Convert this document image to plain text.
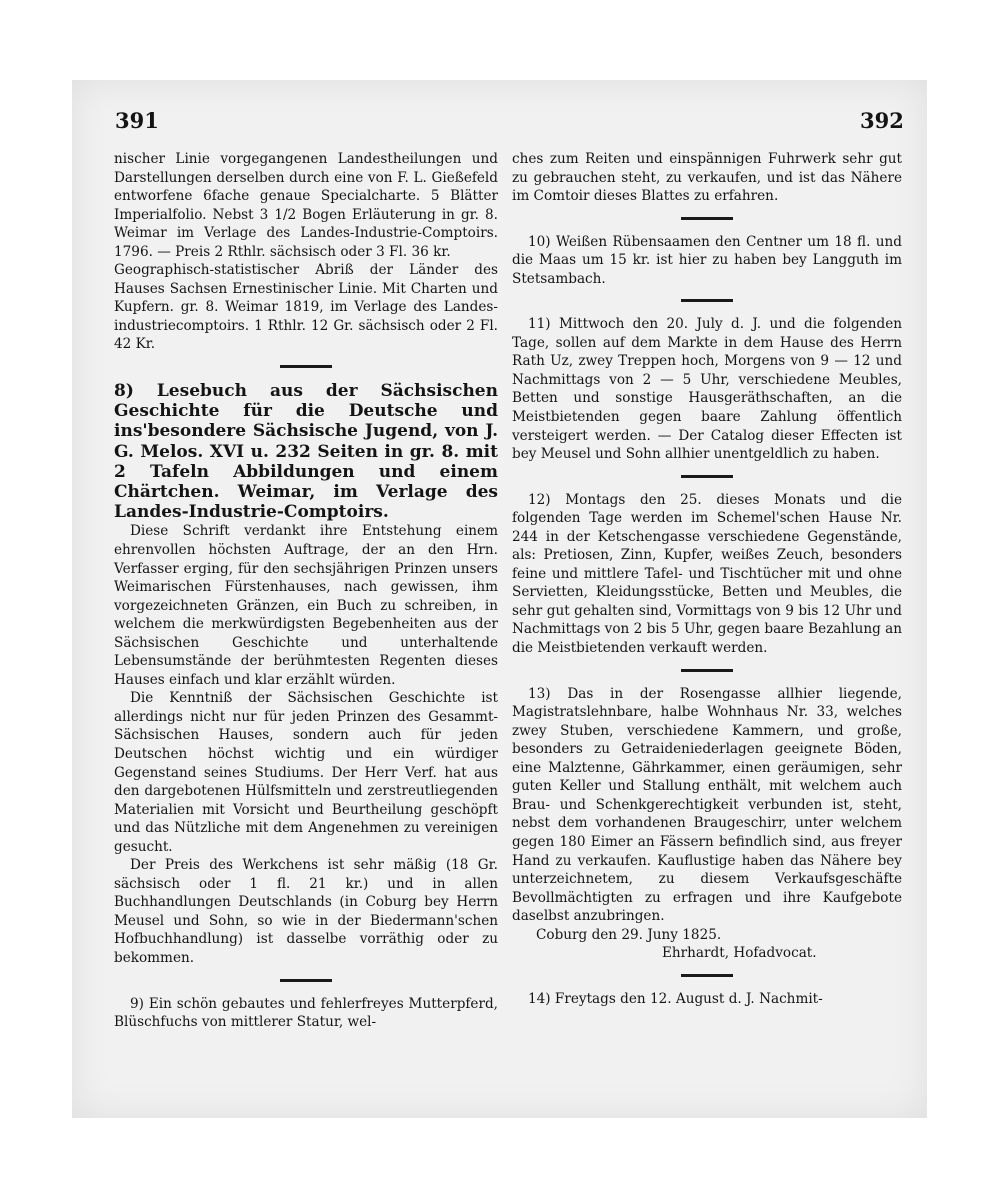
391	392

nischer Linie vorgegangenen Landestheilungen und Darstellungen derselben durch eine von F. L. Gießefeld entworfene 6fache genaue Specialcharte. 5 Blätter Imperialfolio. Nebst 3 1/2 Bogen Erläuterung in gr. 8. Weimar im Verlage des Landes-Industrie-Comptoirs. 1796. — Preis 2 Rthlr. sächsisch oder 3 Fl. 36 kr.

Geographisch-statistischer Abriß der Länder des Hauses Sachsen Ernestinischer Linie. Mit Charten und Kupfern. gr. 8. Weimar 1819, im Verlage des Landes-industriecomptoirs. 1 Rthlr. 12 Gr. sächsisch oder 2 Fl. 42 Kr.

8) Lesebuch aus der Sächsischen Geschichte für die Deutsche und ins'besondere Sächsische Jugend, von J. G. Melos. XVI u. 232 Seiten in gr. 8. mit 2 Tafeln Abbildungen und einem Chärtchen. Weimar, im Verlage des Landes-Industrie-Comptoirs.

Diese Schrift verdankt ihre Entstehung einem ehrenvollen höchsten Auftrage, der an den Hrn. Verfasser erging, für den sechsjährigen Prinzen unsers Weimarischen Fürstenhauses, nach gewissen, ihm vorgezeichneten Gränzen, ein Buch zu schreiben, in welchem die merkwürdigsten Begebenheiten aus der Sächsischen Geschichte und unterhaltende Lebensumstände der berühmtesten Regenten dieses Hauses einfach und klar erzählt würden.

Die Kenntniß der Sächsischen Geschichte ist allerdings nicht nur für jeden Prinzen des Gesammt-Sächsischen Hauses, sondern auch für jeden Deutschen höchst wichtig und ein würdiger Gegenstand seines Studiums. Der Herr Verf. hat aus den dargebotenen Hülfsmitteln und zerstreutliegenden Materialien mit Vorsicht und Beurtheilung geschöpft und das Nützliche mit dem Angenehmen zu vereinigen gesucht.

Der Preis des Werkchens ist sehr mäßig (18 Gr. sächsisch oder 1 fl. 21 kr.) und in allen Buchhandlungen Deutschlands (in Coburg bey Herrn Meusel und Sohn, so wie in der Biedermann'schen Hofbuchhandlung) ist dasselbe vorräthig oder zu bekommen.

9) Ein schön gebautes und fehlerfreyes Mutterpferd, Blüschfuchs von mittlerer Statur, wel-

ches zum Reiten und einspännigen Fuhrwerk sehr gut zu gebrauchen steht, zu verkaufen, und ist das Nähere im Comtoir dieses Blattes zu erfahren.

10) Weißen Rübensaamen den Centner um 18 fl. und die Maas um 15 kr. ist hier zu haben bey Langguth im Stetsambach.

11) Mittwoch den 20. July d. J. und die folgenden Tage, sollen auf dem Markte in dem Hause des Herrn Rath Uz, zwey Treppen hoch, Morgens von 9 — 12 und Nachmittags von 2 — 5 Uhr, verschiedene Meubles, Betten und sonstige Hausgeräthschaften, an die Meistbietenden gegen baare Zahlung öffentlich versteigert werden. — Der Catalog dieser Effecten ist bey Meusel und Sohn allhier unentgeldlich zu haben.

12) Montags den 25. dieses Monats und die folgenden Tage werden im Schemel'schen Hause Nr. 244 in der Ketschengasse verschiedene Gegenstände, als: Pretiosen, Zinn, Kupfer, weißes Zeuch, besonders feine und mittlere Tafel- und Tischtücher mit und ohne Servietten, Kleidungsstücke, Betten und Meubles, die sehr gut gehalten sind, Vormittags von 9 bis 12 Uhr und Nachmittags von 2 bis 5 Uhr, gegen baare Bezahlung an die Meistbietenden verkauft werden.

13) Das in der Rosengasse allhier liegende, Magistratslehnbare, halbe Wohnhaus Nr. 33, welches zwey Stuben, verschiedene Kammern, und große, besonders zu Getraideniederlagen geeignete Böden, eine Malztenne, Gährkammer, einen geräumigen, sehr guten Keller und Stallung enthält, mit welchem auch Brau- und Schenkgerechtigkeit verbunden ist, steht, nebst dem vorhandenen Braugeschirr, unter welchem gegen 180 Eimer an Fässern befindlich sind, aus freyer Hand zu verkaufen. Kauflustige haben das Nähere bey unterzeichnetem, zu diesem Verkaufsgeschäfte Bevollmächtigten zu erfragen und ihre Kaufgebote daselbst anzubringen.

Coburg den 29. Juny 1825.

Ehrhardt, Hofadvocat.

14) Freytags den 12. August d. J. Nachmit-
